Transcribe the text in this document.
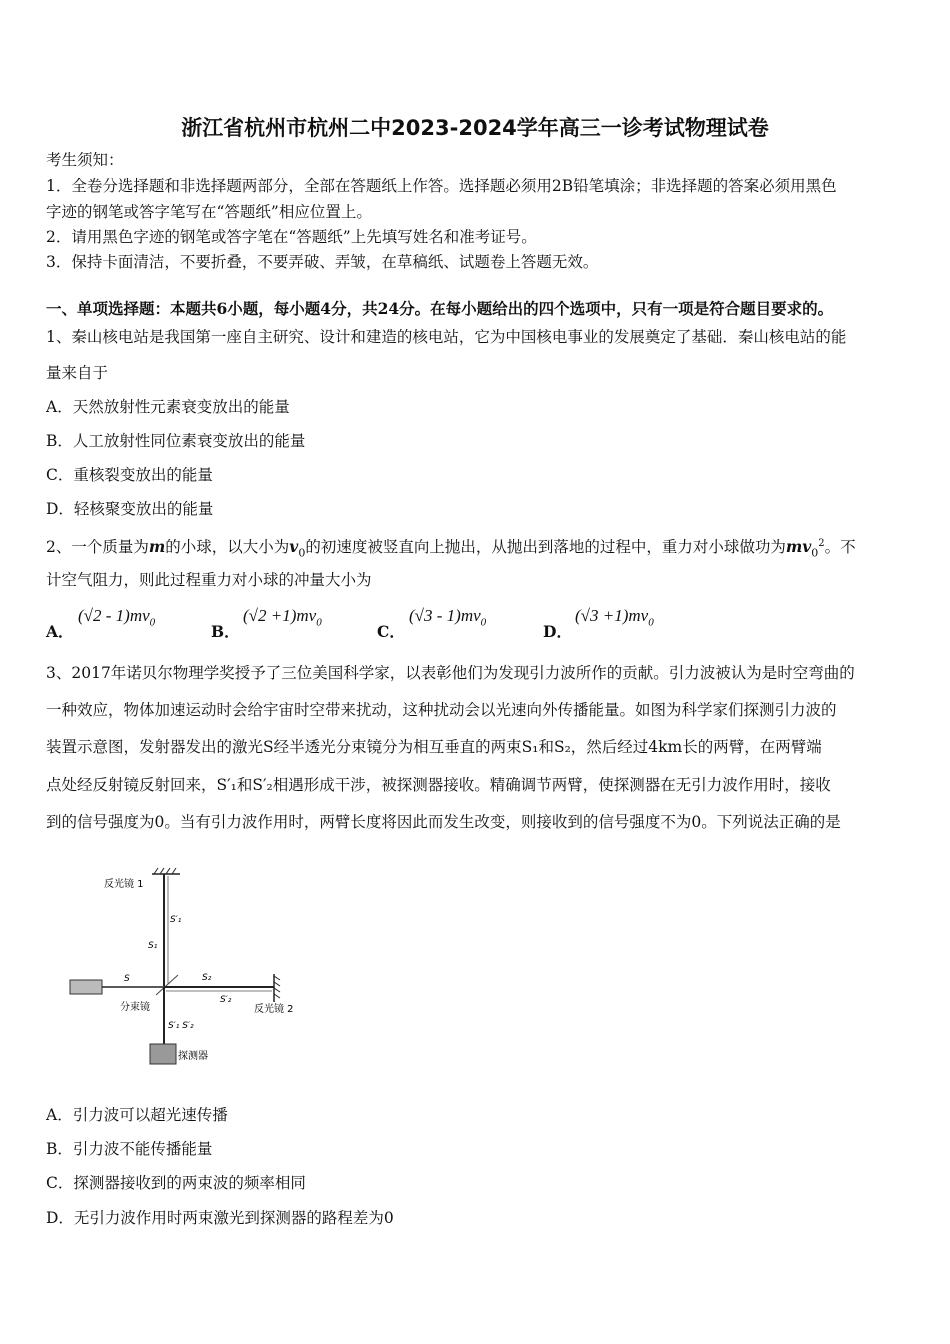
浙江省杭州市杭州二中2023-2024学年高三一诊考试物理试卷
考生须知：
1．全卷分选择题和非选择题两部分，全部在答题纸上作答。选择题必须用2B铅笔填涂；非选择题的答案必须用黑色
字迹的钢笔或答字笔写在“答题纸”相应位置上。
2．请用黑色字迹的钢笔或答字笔在“答题纸”上先填写姓名和准考证号。
3．保持卡面清洁，不要折叠，不要弄破、弄皱，在草稿纸、试题卷上答题无效。
一、单项选择题：本题共6小题，每小题4分，共24分。在每小题给出的四个选项中，只有一项是符合题目要求的。
1、秦山核电站是我国第一座自主研究、设计和建造的核电站，它为中国核电事业的发展奠定了基础．秦山核电站的能
量来自于
A．天然放射性元素衰变放出的能量
B．人工放射性同位素衰变放出的能量
C．重核裂变放出的能量
D．轻核聚变放出的能量
2、一个质量为m的小球，以大小为$v_0$的初速度被竖直向上抛出，从抛出到落地的过程中，重力对小球做功为$mv_0^2$。不
计空气阻力，则此过程重力对小球的冲量大小为
A．
$(√2 - 1)mv_0$	B．
$(√2 +1)mv_0$	C．
$(√3 - 1)mv_0$	D．
$(√3 +1)mv_0$
3、2017年诺贝尔物理学奖授予了三位美国科学家，以表彰他们为发现引力波所作的贡献。引力波被认为是时空弯曲的
一种效应，物体加速运动时会给宇宙时空带来扰动，这种扰动会以光速向外传播能量。如图为科学家们探测引力波的
装置示意图，发射器发出的激光S经半透光分束镜分为相互垂直的两束S₁和S₂，然后经过4km长的两臂，在两臂端
点处经反射镜反射回来，S′₁和S′₂相遇形成干涉，被探测器接收。精确调节两臂，使探测器在无引力波作用时，接收
到的信号强度为0。当有引力波作用时，两臂长度将因此而发生改变，则接收到的信号强度不为0。下列说法正确的是
反光镜 1
S′₁
S₁
S
分束镜
S₂
S′₂
反光镜 2
S′₁ S′₂
探测器
A．引力波可以超光速传播
B．引力波不能传播能量
C．探测器接收到的两束波的频率相同
D．无引力波作用时两束激光到探测器的路程差为0
